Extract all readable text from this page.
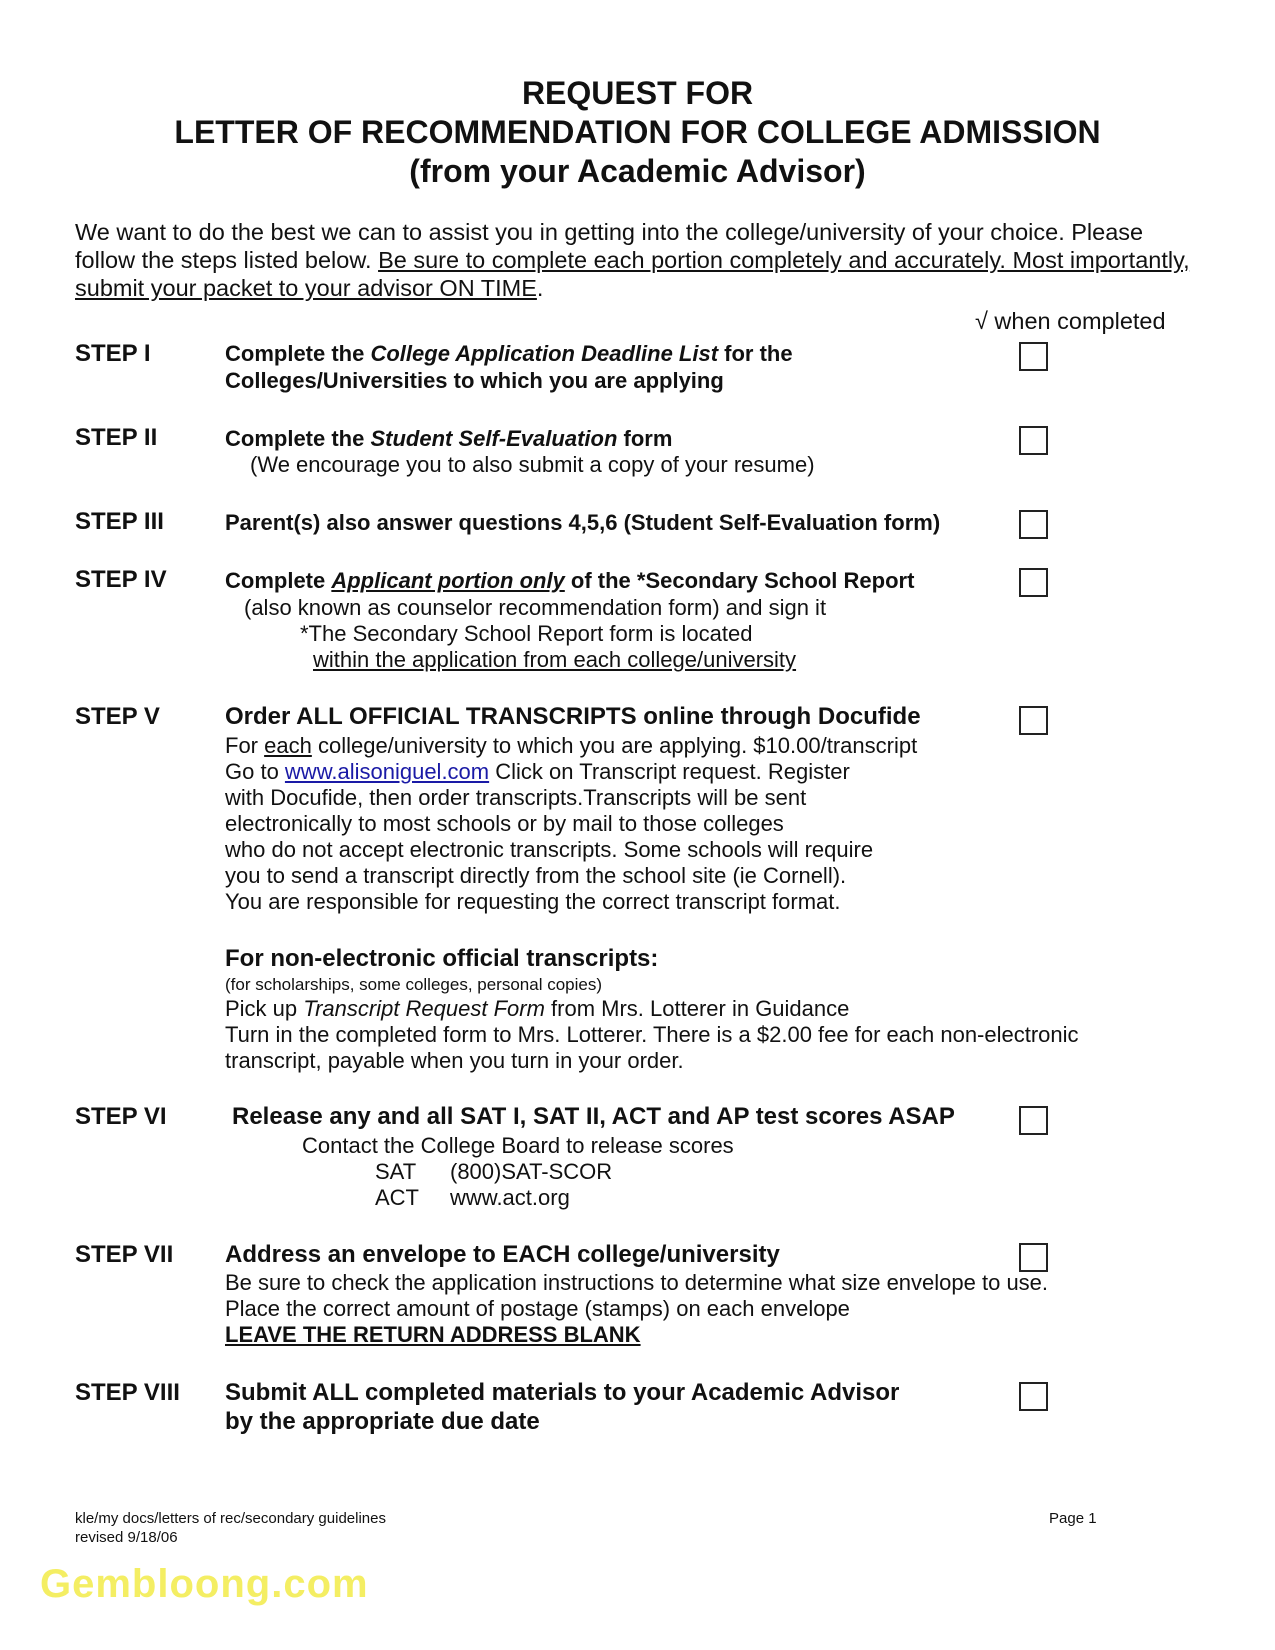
REQUEST FOR
LETTER OF RECOMMENDATION FOR COLLEGE ADMISSION
(from your Academic Advisor)
We want to do the best we can to assist you in getting into the college/university of your choice. Please follow the steps listed below. Be sure to complete each portion completely and accurately. Most importantly, submit your packet to your advisor ON TIME.
√ when completed
STEP I	Complete the College Application Deadline List for the
Colleges/Universities to which you are applying
STEP II	Complete the Student Self-Evaluation form
(We encourage you to also submit a copy of your resume)
STEP III	Parent(s) also answer questions 4,5,6 (Student Self-Evaluation form)
STEP IV	Complete Applicant portion only of the *Secondary School Report
(also known as counselor recommendation form) and sign it
*The Secondary School Report form is located
within the application from each college/university
STEP V	Order ALL OFFICIAL TRANSCRIPTS online through Docufide
For each college/university to which you are applying. $10.00/transcript
Go to www.alisoniguel.com Click on Transcript request. Register
with Docufide, then order transcripts.Transcripts will be sent
electronically to most schools or by mail to those colleges
who do not accept electronic transcripts. Some schools will require
you to send a transcript directly from the school site (ie Cornell).
You are responsible for requesting the correct transcript format.
For non-electronic official transcripts:
(for scholarships, some colleges, personal copies)
Pick up Transcript Request Form from Mrs. Lotterer in Guidance
Turn in the completed form to Mrs. Lotterer. There is a $2.00 fee for each non-electronic
transcript, payable when you turn in your order.
STEP VI	Release any and all SAT I, SAT II, ACT and AP test scores ASAP
Contact the College Board to release scores
SAT (800)SAT-SCOR
ACT www.act.org
STEP VII Address an envelope to EACH college/university
Be sure to check the application instructions to determine what size envelope to use.
Place the correct amount of postage (stamps) on each envelope
LEAVE THE RETURN ADDRESS BLANK
STEP VIII Submit ALL completed materials to your Academic Advisor
by the appropriate due date
kle/my docs/letters of rec/secondary guidelines
revised 9/18/06
Page 1
Gembloong.com
